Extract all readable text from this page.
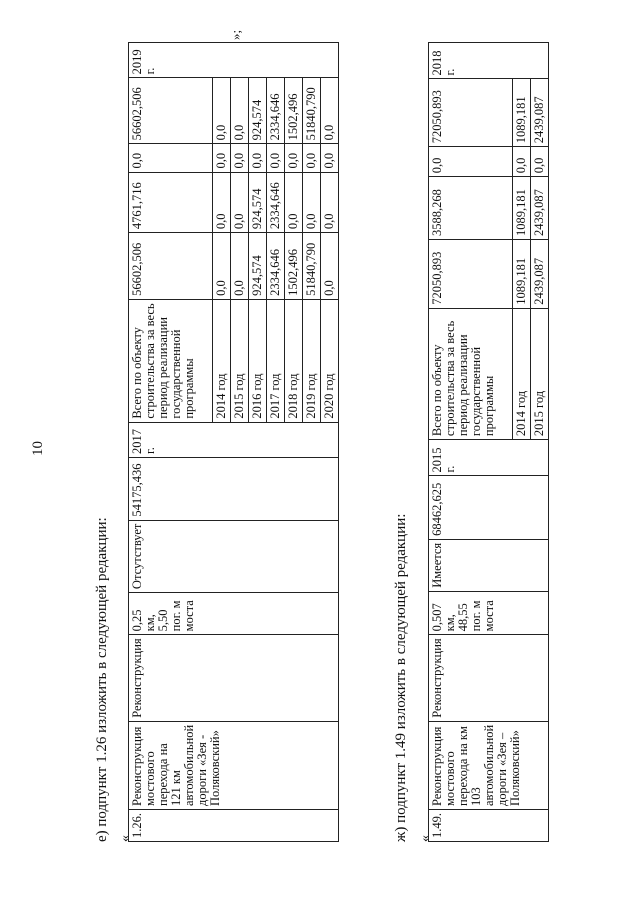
10
е) подпункт 1.26 изложить в следующей редакции: «
1.26.	Реконструкция мостового перехода на 121 км автомобильной дороги «Зея - Поляковский»	Реконструкция	0,25 км, 5,50 пог. м моста	Отсутствует	54175,436	2017 г.	Всего по объекту строительства за весь период реализации государственной программы	56602,506	4761,716	0,0	56602,506	2019 г.
							2014 год	0,0	0,0	0,0	0,0	
							2015 год	0,0	0,0	0,0	0,0	
							2016 год	924,574	924,574	0,0	924,574	
							2017 год	2334,646	2334,646	0,0	2334,646	
							2018 год	1502,496	0,0	0,0	1502,496	
							2019 год	51840,790	0,0	0,0	51840,790	
							2020 год	0,0	0,0	0,0	0,0	
»;
ж) подпункт 1.49 изложить в следующей редакции: «
1.49.	Реконструкция мостового перехода на км 103 автомобильной дороги «Зея – Поляковский»	Реконструкция	0,507 км, 48,55 пог. м моста	Имеется	68462,625	2015 г.	Всего по объекту строительства за весь период реализации государственной программы	72050,893	3588,268	0,0	72050,893	2018 г.
							2014 год	1089,181	1089,181	0,0	1089,181	
							2015 год	2439,087	2439,087	0,0	2439,087	
